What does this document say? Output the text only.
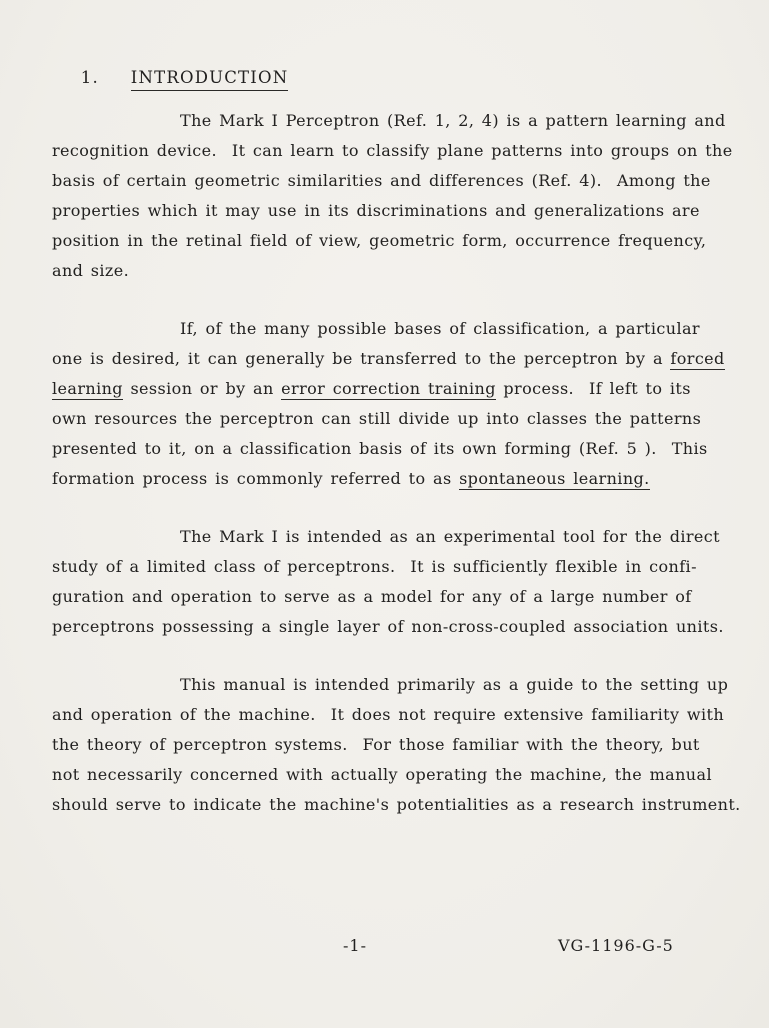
1. INTRODUCTION

The Mark I Perceptron (Ref. 1, 2, 4) is a pattern learning and
recognition device.  It can learn to classify plane patterns into groups on the
basis of certain geometric similarities and differences (Ref. 4).  Among the
properties which it may use in its discriminations and generalizations are
position in the retinal field of view, geometric form, occurrence frequency,
and size.
If, of the many possible bases of classification, a particular
one is desired, it can generally be transferred to the perceptron by a forced
learning session or by an error correction training process.  If left to its
own resources the perceptron can still divide up into classes the patterns
presented to it, on a classification basis of its own forming (Ref. 5 ).  This
formation process is commonly referred to as spontaneous learning.
The Mark I is intended as an experimental tool for the direct
study of a limited class of perceptrons.  It is sufficiently flexible in confi-
guration and operation to serve as a model for any of a large number of
perceptrons possessing a single layer of non-cross-coupled association units.
This manual is intended primarily as a guide to the setting up
and operation of the machine.  It does not require extensive familiarity with
the theory of perceptron systems.  For those familiar with the theory, but
not necessarily concerned with actually operating the machine, the manual
should serve to indicate the machine's potentialities as a research instrument.
-1-	VG-1196-G-5
